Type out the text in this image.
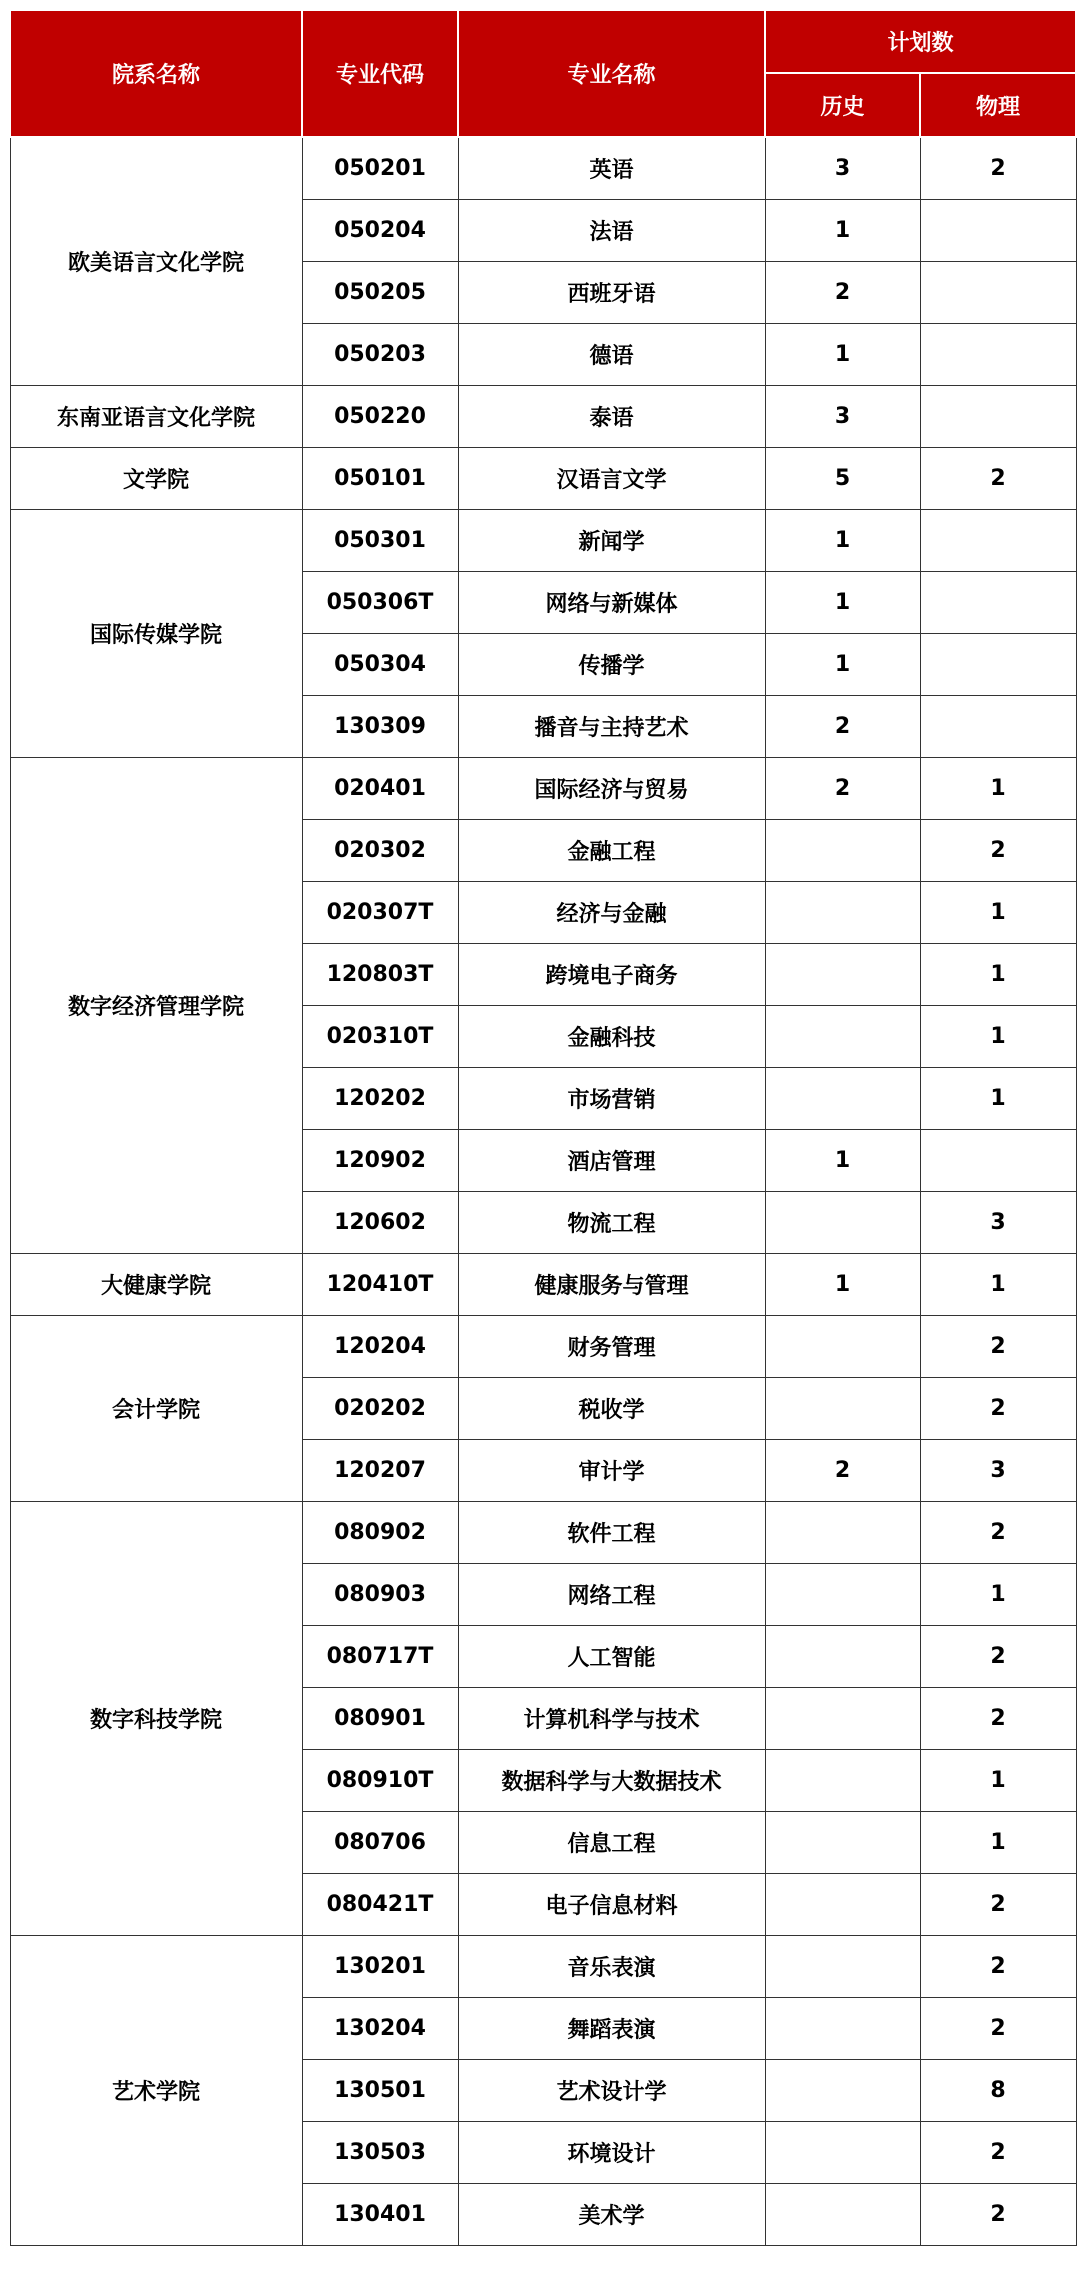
院系名称	专业代码	专业名称	计划数	
			历史	物理
欧美语言文化学院	050201	英语	3	2
	050204	法语	1	
	050205	西班牙语	2	
	050203	德语	1	
东南亚语言文化学院	050220	泰语	3	
文学院	050101	汉语言文学	5	2
国际传媒学院	050301	新闻学	1	
	050306T	网络与新媒体	1	
	050304	传播学	1	
	130309	播音与主持艺术	2	
数字经济管理学院	020401	国际经济与贸易	2	1
	020302	金融工程		2
	020307T	经济与金融		1
	120803T	跨境电子商务		1
	020310T	金融科技		1
	120202	市场营销		1
	120902	酒店管理	1	
	120602	物流工程		3
大健康学院	120410T	健康服务与管理	1	1
会计学院	120204	财务管理		2
	020202	税收学		2
	120207	审计学	2	3
数字科技学院	080902	软件工程		2
	080903	网络工程		1
	080717T	人工智能		2
	080901	计算机科学与技术		2
	080910T	数据科学与大数据技术		1
	080706	信息工程		1
	080421T	电子信息材料		2
艺术学院	130201	音乐表演		2
	130204	舞蹈表演		2
	130501	艺术设计学		8
	130503	环境设计		2
	130401	美术学		2
